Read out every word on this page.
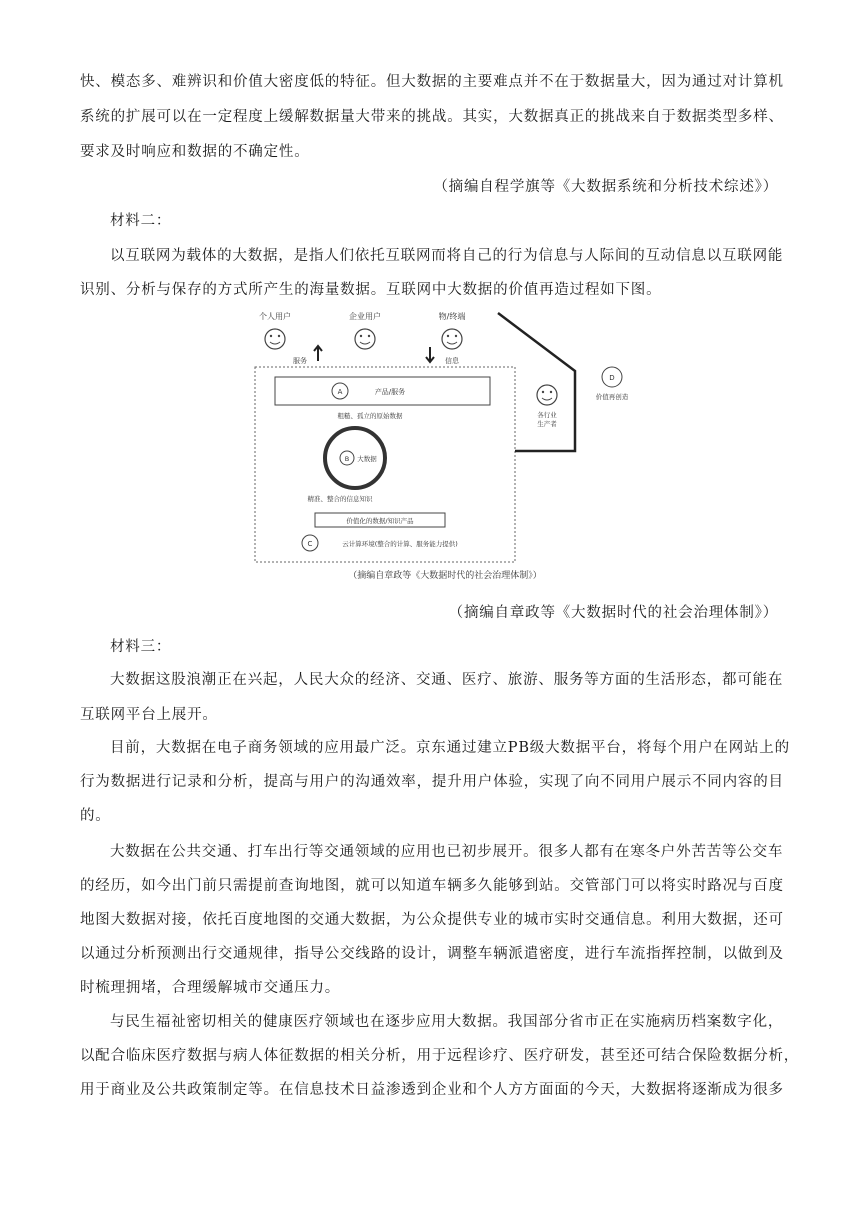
快、模态多、难辨识和价值大密度低的特征。但大数据的主要难点并不在于数据量大，因为通过对计算机
系统的扩展可以在一定程度上缓解数据量大带来的挑战。其实，大数据真正的挑战来自于数据类型多样、
要求及时响应和数据的不确定性。
（摘编自程学旗等《大数据系统和分析技术综述》）
材料二：
以互联网为载体的大数据，是指人们依托互联网而将自己的行为信息与人际间的互动信息以互联网能
识别、分析与保存的方式所产生的海量数据。互联网中大数据的价值再造过程如下图。
个人用户	企业用户	物/终端
服务	信息
A	产品/服务
粗糙、孤立的原始数据
B 大数据
精准、整合的信息知识
价值化的数据/知识产品
C	云计算环境(整合的计算、服务能力提供)
各行业
生产者
D
价值再创造
（摘编自章政等《大数据时代的社会治理体制》）
（摘编自章政等《大数据时代的社会治理体制》）
材料三：
大数据这股浪潮正在兴起，人民大众的经济、交通、医疗、旅游、服务等方面的生活形态，都可能在
互联网平台上展开。
目前，大数据在电子商务领域的应用最广泛。京东通过建立PB级大数据平台，将每个用户在网站上的
行为数据进行记录和分析，提高与用户的沟通效率，提升用户体验，实现了向不同用户展示不同内容的目
的。
大数据在公共交通、打车出行等交通领域的应用也已初步展开。很多人都有在寒冬户外苦苦等公交车
的经历，如今出门前只需提前查询地图，就可以知道车辆多久能够到站。交管部门可以将实时路况与百度
地图大数据对接，依托百度地图的交通大数据，为公众提供专业的城市实时交通信息。利用大数据，还可
以通过分析预测出行交通规律，指导公交线路的设计，调整车辆派遣密度，进行车流指挥控制，以做到及
时梳理拥堵，合理缓解城市交通压力。
与民生福祉密切相关的健康医疗领域也在逐步应用大数据。我国部分省市正在实施病历档案数字化，
以配合临床医疗数据与病人体征数据的相关分析，用于远程诊疗、医疗研发，甚至还可结合保险数据分析，
用于商业及公共政策制定等。在信息技术日益渗透到企业和个人方方面面的今天，大数据将逐渐成为很多
